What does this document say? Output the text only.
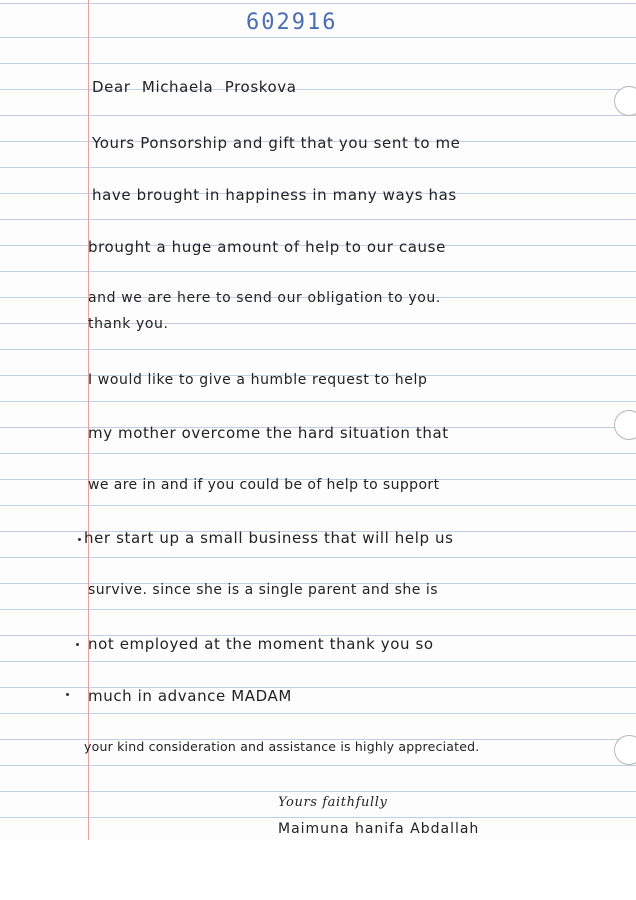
602916
Dear Michaela Proskova
Yours Ponsorship and gift that you sent to me
have brought in happiness in many ways has
brought a huge amount of help to our cause
and we are here to send our obligation to you.
thank you.
I would like to give a humble request to help
my mother overcome the hard situation that
we are in and if you could be of help to support
her start up a small business that will help us
survive. since she is a single parent and she is
not employed at the moment thank you so
much in advance MADAM
your kind consideration and assistance is highly appreciated.
Yours faithfully
Maimuna hanifa Abdallah
